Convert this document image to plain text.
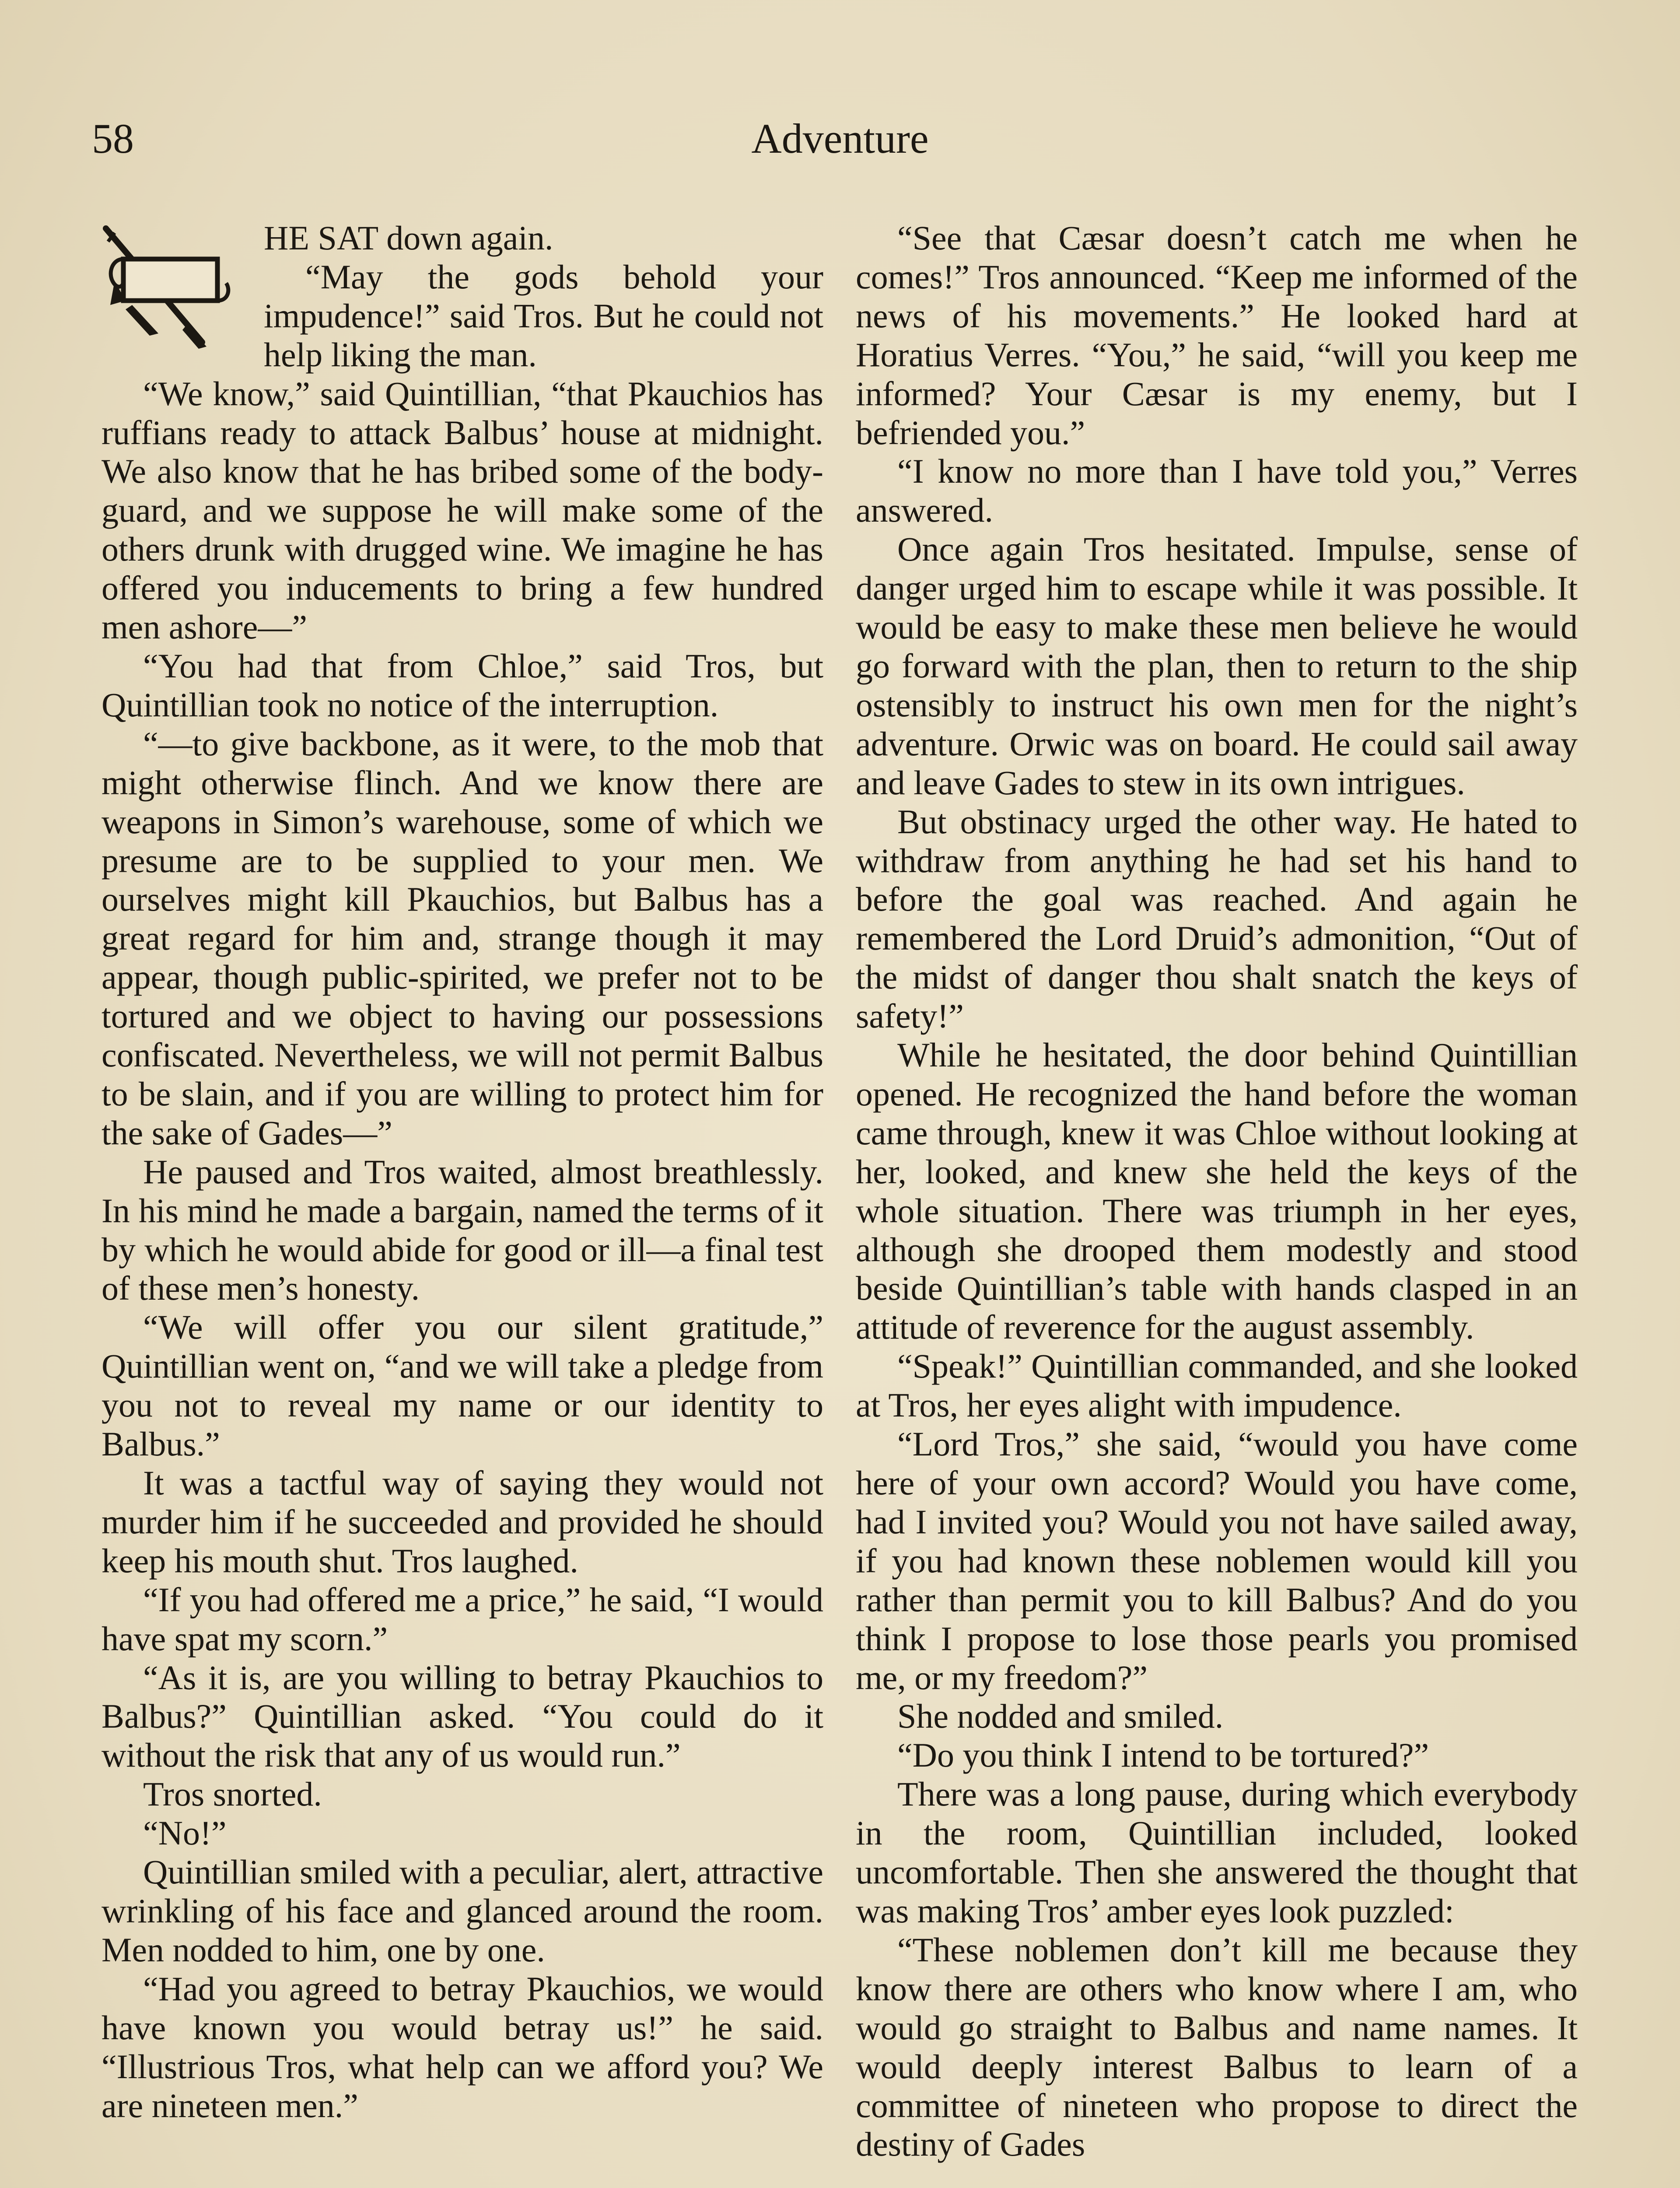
58	Adventure

HE SAT down again.

“May the gods behold your impudence!” said Tros. But he could not help liking the man.

“We know,” said Quintillian, “that Pkauchios has ruffians ready to attack Balbus’ house at midnight. We also know that he has bribed some of the body-guard, and we suppose he will make some of the others drunk with drugged wine. We imagine he has offered you inducements to bring a few hundred men ashore—”

“You had that from Chloe,” said Tros, but Quintillian took no notice of the interruption.

“—to give backbone, as it were, to the mob that might otherwise flinch. And we know there are weapons in Simon’s warehouse, some of which we presume are to be supplied to your men. We ourselves might kill Pkauchios, but Balbus has a great regard for him and, strange though it may appear, though public-spirited, we prefer not to be tortured and we object to having our possessions confiscated. Nevertheless, we will not permit Balbus to be slain, and if you are willing to protect him for the sake of Gades—”

He paused and Tros waited, almost breathlessly. In his mind he made a bargain, named the terms of it by which he would abide for good or ill—a final test of these men’s honesty.

“We will offer you our silent gratitude,” Quintillian went on, “and we will take a pledge from you not to reveal my name or our identity to Balbus.”

It was a tactful way of saying they would not murder him if he succeeded and provided he should keep his mouth shut. Tros laughed.

“If you had offered me a price,” he said, “I would have spat my scorn.”

“As it is, are you willing to betray Pkauchios to Balbus?” Quintillian asked. “You could do it without the risk that any of us would run.”

Tros snorted.

“No!”

Quintillian smiled with a peculiar, alert, attractive wrinkling of his face and glanced around the room. Men nodded to him, one by one.

“Had you agreed to betray Pkauchios, we would have known you would betray us!” he said. “Illustrious Tros, what help can we afford you? We are nineteen men.”

“See that Cæsar doesn’t catch me when he comes!” Tros announced. “Keep me informed of the news of his movements.” He looked hard at Horatius Verres. “You,” he said, “will you keep me informed? Your Cæsar is my enemy, but I befriended you.”

“I know no more than I have told you,” Verres answered.

Once again Tros hesitated. Impulse, sense of danger urged him to escape while it was possible. It would be easy to make these men believe he would go forward with the plan, then to return to the ship ostensibly to instruct his own men for the night’s adventure. Orwic was on board. He could sail away and leave Gades to stew in its own intrigues.

But obstinacy urged the other way. He hated to withdraw from anything he had set his hand to before the goal was reached. And again he remembered the Lord Druid’s admonition, “Out of the midst of danger thou shalt snatch the keys of safety!”

While he hesitated, the door behind Quintillian opened. He recognized the hand before the woman came through, knew it was Chloe without looking at her, looked, and knew she held the keys of the whole situation. There was triumph in her eyes, although she drooped them modestly and stood beside Quintillian’s table with hands clasped in an attitude of reverence for the august assembly.

“Speak!” Quintillian commanded, and she looked at Tros, her eyes alight with impudence.

“Lord Tros,” she said, “would you have come here of your own accord? Would you have come, had I invited you? Would you not have sailed away, if you had known these noblemen would kill you rather than permit you to kill Balbus? And do you think I propose to lose those pearls you promised me, or my freedom?”

She nodded and smiled.

“Do you think I intend to be tortured?”

There was a long pause, during which everybody in the room, Quintillian included, looked uncomfortable. Then she answered the thought that was making Tros’ amber eyes look puzzled:

“These noblemen don’t kill me because they know there are others who know where I am, who would go straight to Balbus and name names. It would deeply interest Balbus to learn of a committee of nineteen who propose to direct the destiny of Gades
